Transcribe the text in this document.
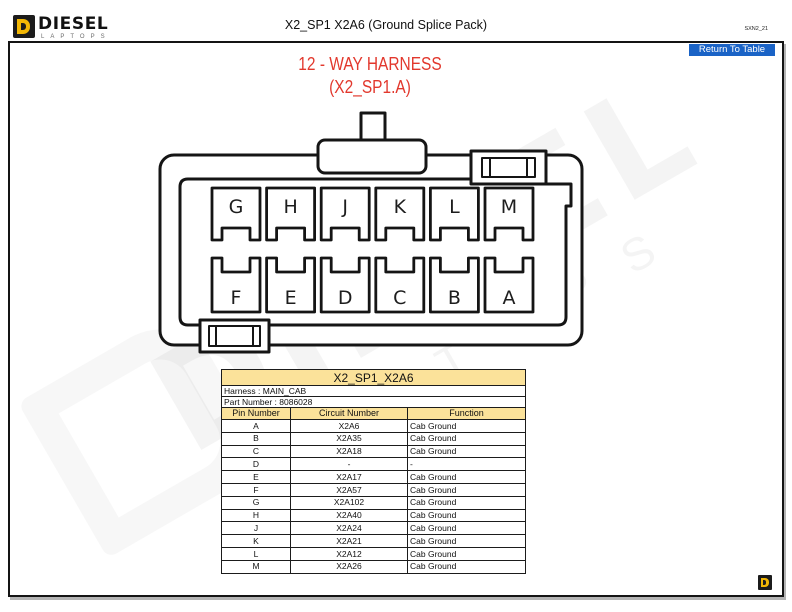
DIESEL
LAPTOPS
X2_SP1 X2A6 (Ground Splice Pack)	SXN2_21
Return To Table
12 - WAY HARNESS
(X2_SP1.A)
G H J K L M
F E D C B A
X2_SP1_X2A6		
Harness : MAIN_CAB		
Part Number : 8086028		
Pin Number	Circuit Number	Function
A	X2A6	Cab Ground
B	X2A35	Cab Ground
C	X2A18	Cab Ground
D	-	-
E	X2A17	Cab Ground
F	X2A57	Cab Ground
G	X2A102	Cab Ground
H	X2A40	Cab Ground
J	X2A24	Cab Ground
K	X2A21	Cab Ground
L	X2A12	Cab Ground
M	X2A26	Cab Ground
